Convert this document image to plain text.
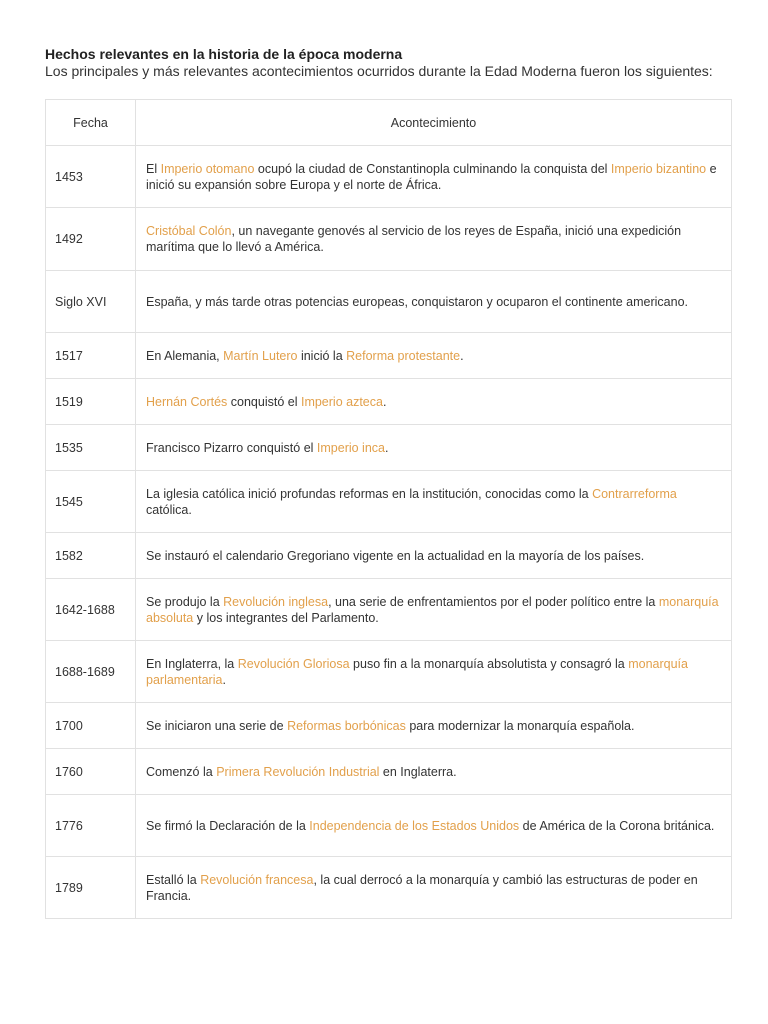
Hechos relevantes en la historia de la época moderna
Los principales y más relevantes acontecimientos ocurridos durante la Edad Moderna fueron los siguientes:
Fecha	Acontecimiento
1453	El Imperio otomano ocupó la ciudad de Constantinopla culminando la conquista del Imperio bizantino e inició su expansión sobre Europa y el norte de África.
1492	Cristóbal Colón, un navegante genovés al servicio de los reyes de España, inició una expedición marítima que lo llevó a América.
Siglo XVI	España, y más tarde otras potencias europeas, conquistaron y ocuparon el continente americano.
1517	En Alemania, Martín Lutero inició la Reforma protestante.
1519	Hernán Cortés conquistó el Imperio azteca.
1535	Francisco Pizarro conquistó el Imperio inca.
1545	La iglesia católica inició profundas reformas en la institución, conocidas como la Contrarreforma católica.
1582	Se instauró el calendario Gregoriano vigente en la actualidad en la mayoría de los países.
1642-1688	Se produjo la Revolución inglesa, una serie de enfrentamientos por el poder político entre la monarquía absoluta y los integrantes del Parlamento.
1688-1689	En Inglaterra, la Revolución Gloriosa puso fin a la monarquía absolutista y consagró la monarquía parlamentaria.
1700	Se iniciaron una serie de Reformas borbónicas para modernizar la monarquía española.
1760	Comenzó la Primera Revolución Industrial en Inglaterra.
1776	Se firmó la Declaración de la Independencia de los Estados Unidos de América de la Corona británica.
1789	Estalló la Revolución francesa, la cual derrocó a la monarquía y cambió las estructuras de poder en Francia.
